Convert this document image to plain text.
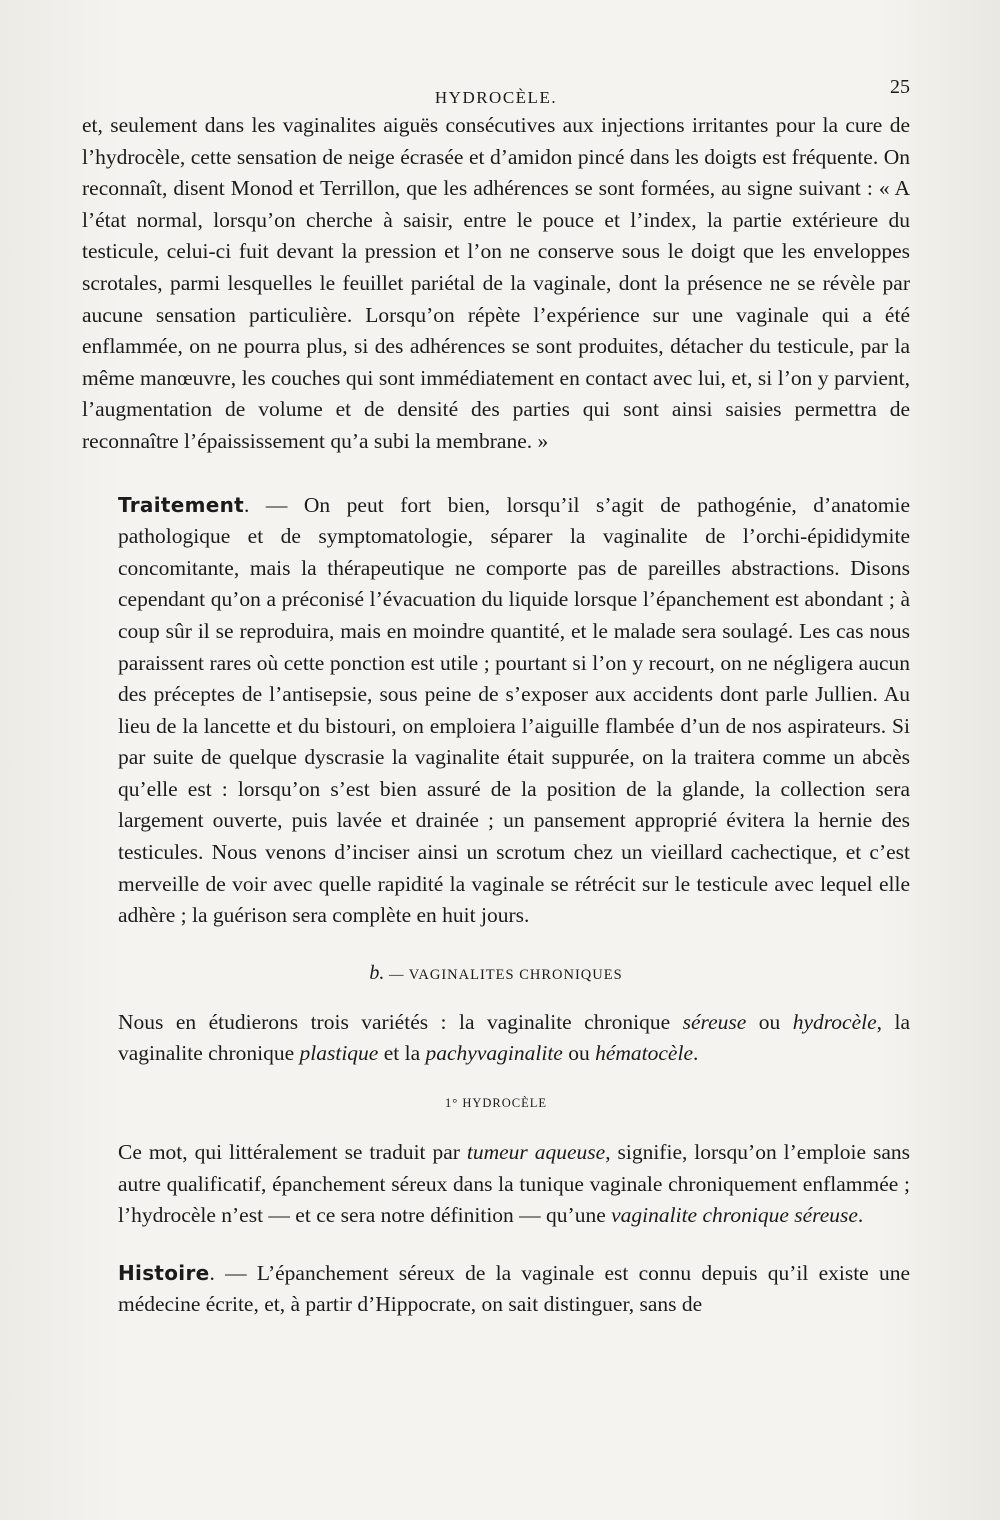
HYDROCÈLE.	25

et, seulement dans les vaginalites aiguës consécutives aux injections irritantes pour la cure de l’hydrocèle, cette sensation de neige écrasée et d’amidon pincé dans les doigts est fréquente. On reconnaît, disent Monod et Terrillon, que les adhérences se sont formées, au signe suivant : « A l’état normal, lorsqu’on cherche à saisir, entre le pouce et l’index, la partie extérieure du testicule, celui-ci fuit devant la pression et l’on ne conserve sous le doigt que les enveloppes scrotales, parmi lesquelles le feuillet pariétal de la vaginale, dont la présence ne se révèle par aucune sensation particulière. Lorsqu’on répète l’expérience sur une vaginale qui a été enflammée, on ne pourra plus, si des adhérences se sont produites, détacher du testicule, par la même manœuvre, les couches qui sont immédiatement en contact avec lui, et, si l’on y parvient, l’augmentation de volume et de densité des parties qui sont ainsi saisies permettra de reconnaître l’épaississement qu’a subi la membrane. »

Traitement. — On peut fort bien, lorsqu’il s’agit de pathogénie, d’anatomie pathologique et de symptomatologie, séparer la vaginalite de l’orchi-épididymite concomitante, mais la thérapeutique ne comporte pas de pareilles abstractions. Disons cependant qu’on a préconisé l’évacuation du liquide lorsque l’épanchement est abondant ; à coup sûr il se reproduira, mais en moindre quantité, et le malade sera soulagé. Les cas nous paraissent rares où cette ponction est utile ; pourtant si l’on y recourt, on ne négligera aucun des préceptes de l’antisepsie, sous peine de s’exposer aux accidents dont parle Jullien. Au lieu de la lancette et du bistouri, on emploiera l’aiguille flambée d’un de nos aspirateurs. Si par suite de quelque dyscrasie la vaginalite était suppurée, on la traitera comme un abcès qu’elle est : lorsqu’on s’est bien assuré de la position de la glande, la collection sera largement ouverte, puis lavée et drainée ; un pansement approprié évitera la hernie des testicules. Nous venons d’inciser ainsi un scrotum chez un vieillard cachectique, et c’est merveille de voir avec quelle rapidité la vaginale se rétrécit sur le testicule avec lequel elle adhère ; la guérison sera complète en huit jours.

b. — VAGINALITES CHRONIQUES

Nous en étudierons trois variétés : la vaginalite chronique séreuse ou hydrocèle, la vaginalite chronique plastique et la pachyvaginalite ou hématocèle.

1° HYDROCÈLE

Ce mot, qui littéralement se traduit par tumeur aqueuse, signifie, lorsqu’on l’emploie sans autre qualificatif, épanchement séreux dans la tunique vaginale chroniquement enflammée ; l’hydrocèle n’est — et ce sera notre définition — qu’une vaginalite chronique séreuse.

Histoire. — L’épanchement séreux de la vaginale est connu depuis qu’il existe une médecine écrite, et, à partir d’Hippocrate, on sait distinguer, sans de
